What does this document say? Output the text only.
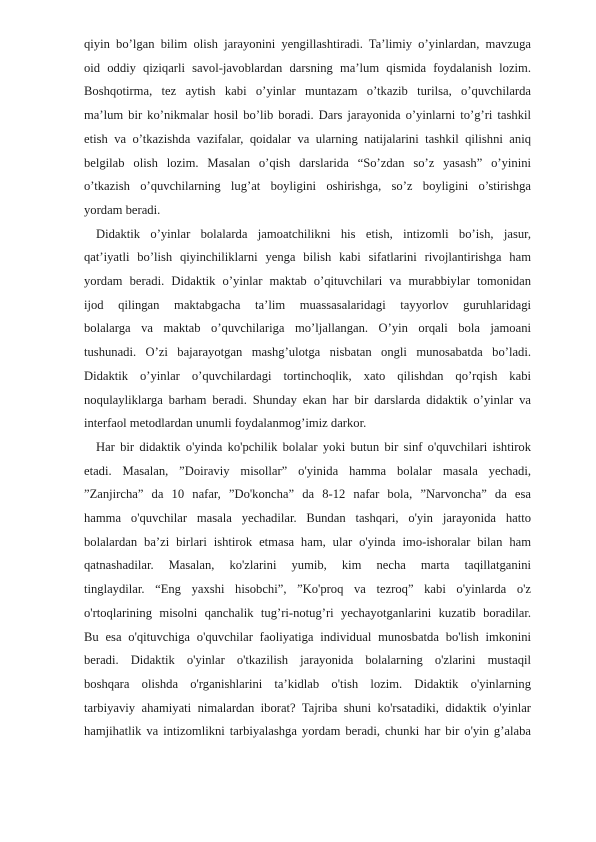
qiyin bo’lgan bilim olish jarayonini yengillashtiradi. Ta’limiy o’yinlardan, mavzuga

oid oddiy qiziqarli savol-javoblardan darsning ma’lum qismida foydalanish lozim.

Boshqotirma, tez aytish kabi o’yinlar muntazam o’tkazib turilsa, o’quvchilarda

ma’lum bir ko’nikmalar hosil bo’lib boradi. Dars jarayonida o’yinlarni to’g’ri tashkil

etish va o’tkazishda vazifalar, qoidalar va ularning natijalarini tashkil qilishni aniq

belgilab olish lozim. Masalan o’qish darslarida “So’zdan so’z yasash” o’yinini

o’tkazish o’quvchilarning lug’at boyligini oshirishga, so’z boyligini o’stirishga

yordam beradi.

Didaktik o’yinlar bolalarda jamoatchilikni his etish, intizomli bo’ish, jasur,

qat’iyatli bo’lish qiyinchiliklarni yenga bilish kabi sifatlarini rivojlantirishga ham

yordam beradi. Didaktik o’yinlar maktab o’qituvchilari va murabbiylar tomonidan

ijod qilingan maktabgacha ta’lim muassasalaridagi tayyorlov guruhlaridagi

bolalarga va maktab o’quvchilariga mo’ljallangan. O’yin orqali bola jamoani

tushunadi. O’zi bajarayotgan mashg’ulotga nisbatan ongli munosabatda bo’ladi.

Didaktik o’yinlar o’quvchilardagi tortinchoqlik, xato qilishdan qo’rqish kabi

noqulayliklarga barham beradi. Shunday ekan har bir darslarda didaktik o’yinlar va

interfaol metodlardan unumli foydalanmog’imiz darkor.

Har bir didaktik o'yinda ko'pchilik bolalar yoki butun bir sinf o'quvchilari ishtirok

etadi. Masalan, ”Doiraviy misollar” o'yinida hamma bolalar masala yechadi,

”Zanjircha” da 10 nafar, ”Do'koncha” da 8-12 nafar bola, ”Narvoncha” da esa

hamma o'quvchilar masala yechadilar. Bundan tashqari, o'yin jarayonida hatto

bolalardan ba’zi birlari ishtirok etmasa ham, ular o'yinda imo-ishoralar bilan ham

qatnashadilar. Masalan, ko'zlarini yumib, kim necha marta taqillatganini

tinglaydilar. “Eng yaxshi hisobchi”, ”Ko'proq va tezroq” kabi o'yinlarda o'z

o'rtoqlarining misolni qanchalik tug’ri-notug’ri yechayotganlarini kuzatib boradilar.

Bu esa o'qituvchiga o'quvchilar faoliyatiga individual munosbatda bo'lish imkonini

beradi. Didaktik o'yinlar o'tkazilish jarayonida bolalarning o'zlarini mustaqil

boshqara olishda o'rganishlarini ta’kidlab o'tish lozim. Didaktik o'yinlarning

tarbiyaviy ahamiyati nimalardan iborat? Tajriba shuni ko'rsatadiki, didaktik o'yinlar

hamjihatlik va intizomlikni tarbiyalashga yordam beradi, chunki har bir o'yin g’alaba
